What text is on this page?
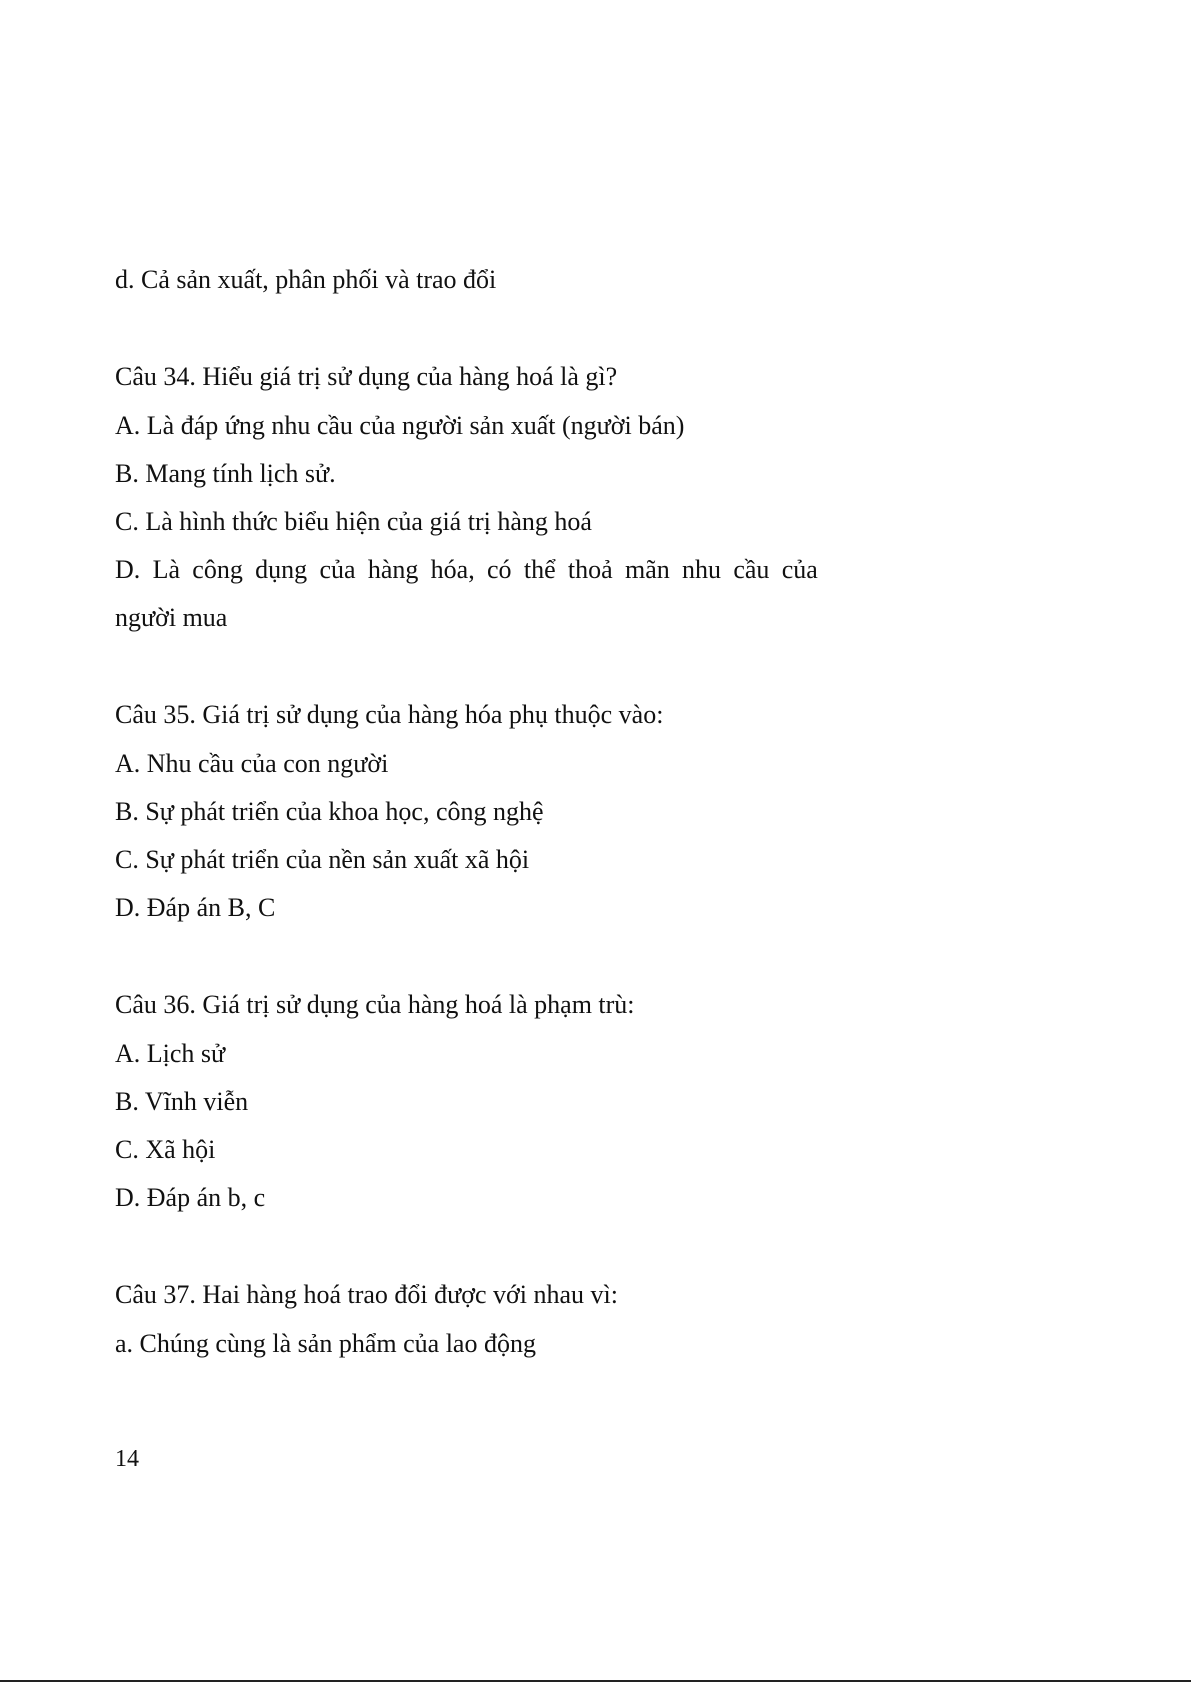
d. Cả sản xuất, phân phối và trao đổi
Câu 34. Hiểu giá trị sử dụng của hàng hoá là gì?
A. Là đáp ứng nhu cầu của người sản xuất (người bán)
B. Mang tính lịch sử.
C. Là hình thức biểu hiện của giá trị hàng hoá
D. Là công dụng của hàng hóa, có thể thoả mãn nhu cầu của
người mua
Câu 35. Giá trị sử dụng của hàng hóa phụ thuộc vào:
A. Nhu cầu của con người
B. Sự phát triển của khoa học, công nghệ
C. Sự phát triển của nền sản xuất xã hội
D. Đáp án B, C
Câu 36. Giá trị sử dụng của hàng hoá là phạm trù:
A. Lịch sử
B. Vĩnh viễn
C. Xã hội
D. Đáp án b, c
Câu 37. Hai hàng hoá trao đổi được với nhau vì:
a. Chúng cùng là sản phẩm của lao động
14
